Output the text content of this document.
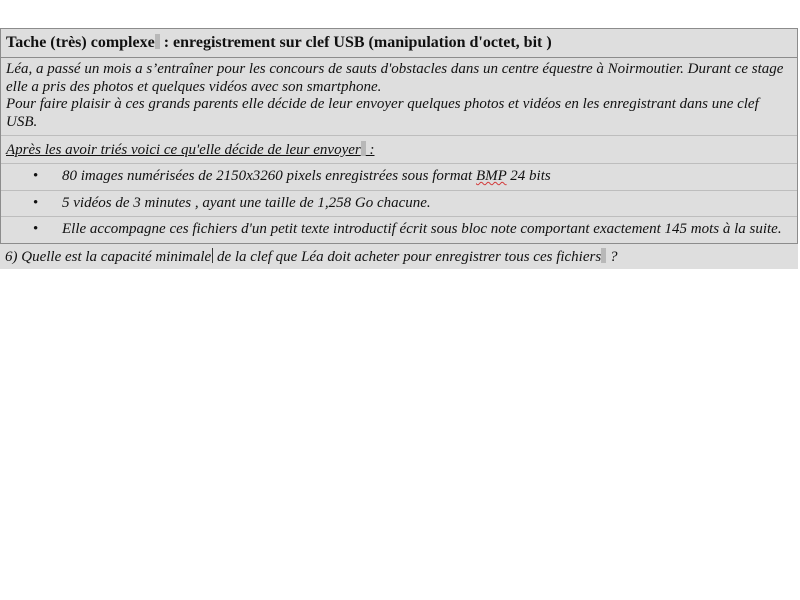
Tache (très) complexe : enregistrement sur clef USB (manipulation d'octet, bit )

Léa, a passé un mois a s’entraîner pour les concours de sauts d'obstacles dans un centre équestre à Noirmoutier. Durant ce stage elle a pris des photos et quelques vidéos avec son smartphone.

Pour faire plaisir à ces grands parents elle décide de leur envoyer quelques photos et vidéos en les enregistrant dans une clef USB.

Après les avoir triés voici ce qu'elle décide de leur envoyer :
• 80 images numérisées de 2150x3260 pixels enregistrées sous format BMP 24 bits
• 5 vidéos de 3 minutes , ayant une taille de 1,258 Go chacune.
• Elle accompagne ces fichiers d'un petit texte introductif écrit sous bloc note comportant exactement 145 mots à la suite.
6) Quelle est la capacité minimale de la clef que Léa doit acheter pour enregistrer tous ces fichiers ?
